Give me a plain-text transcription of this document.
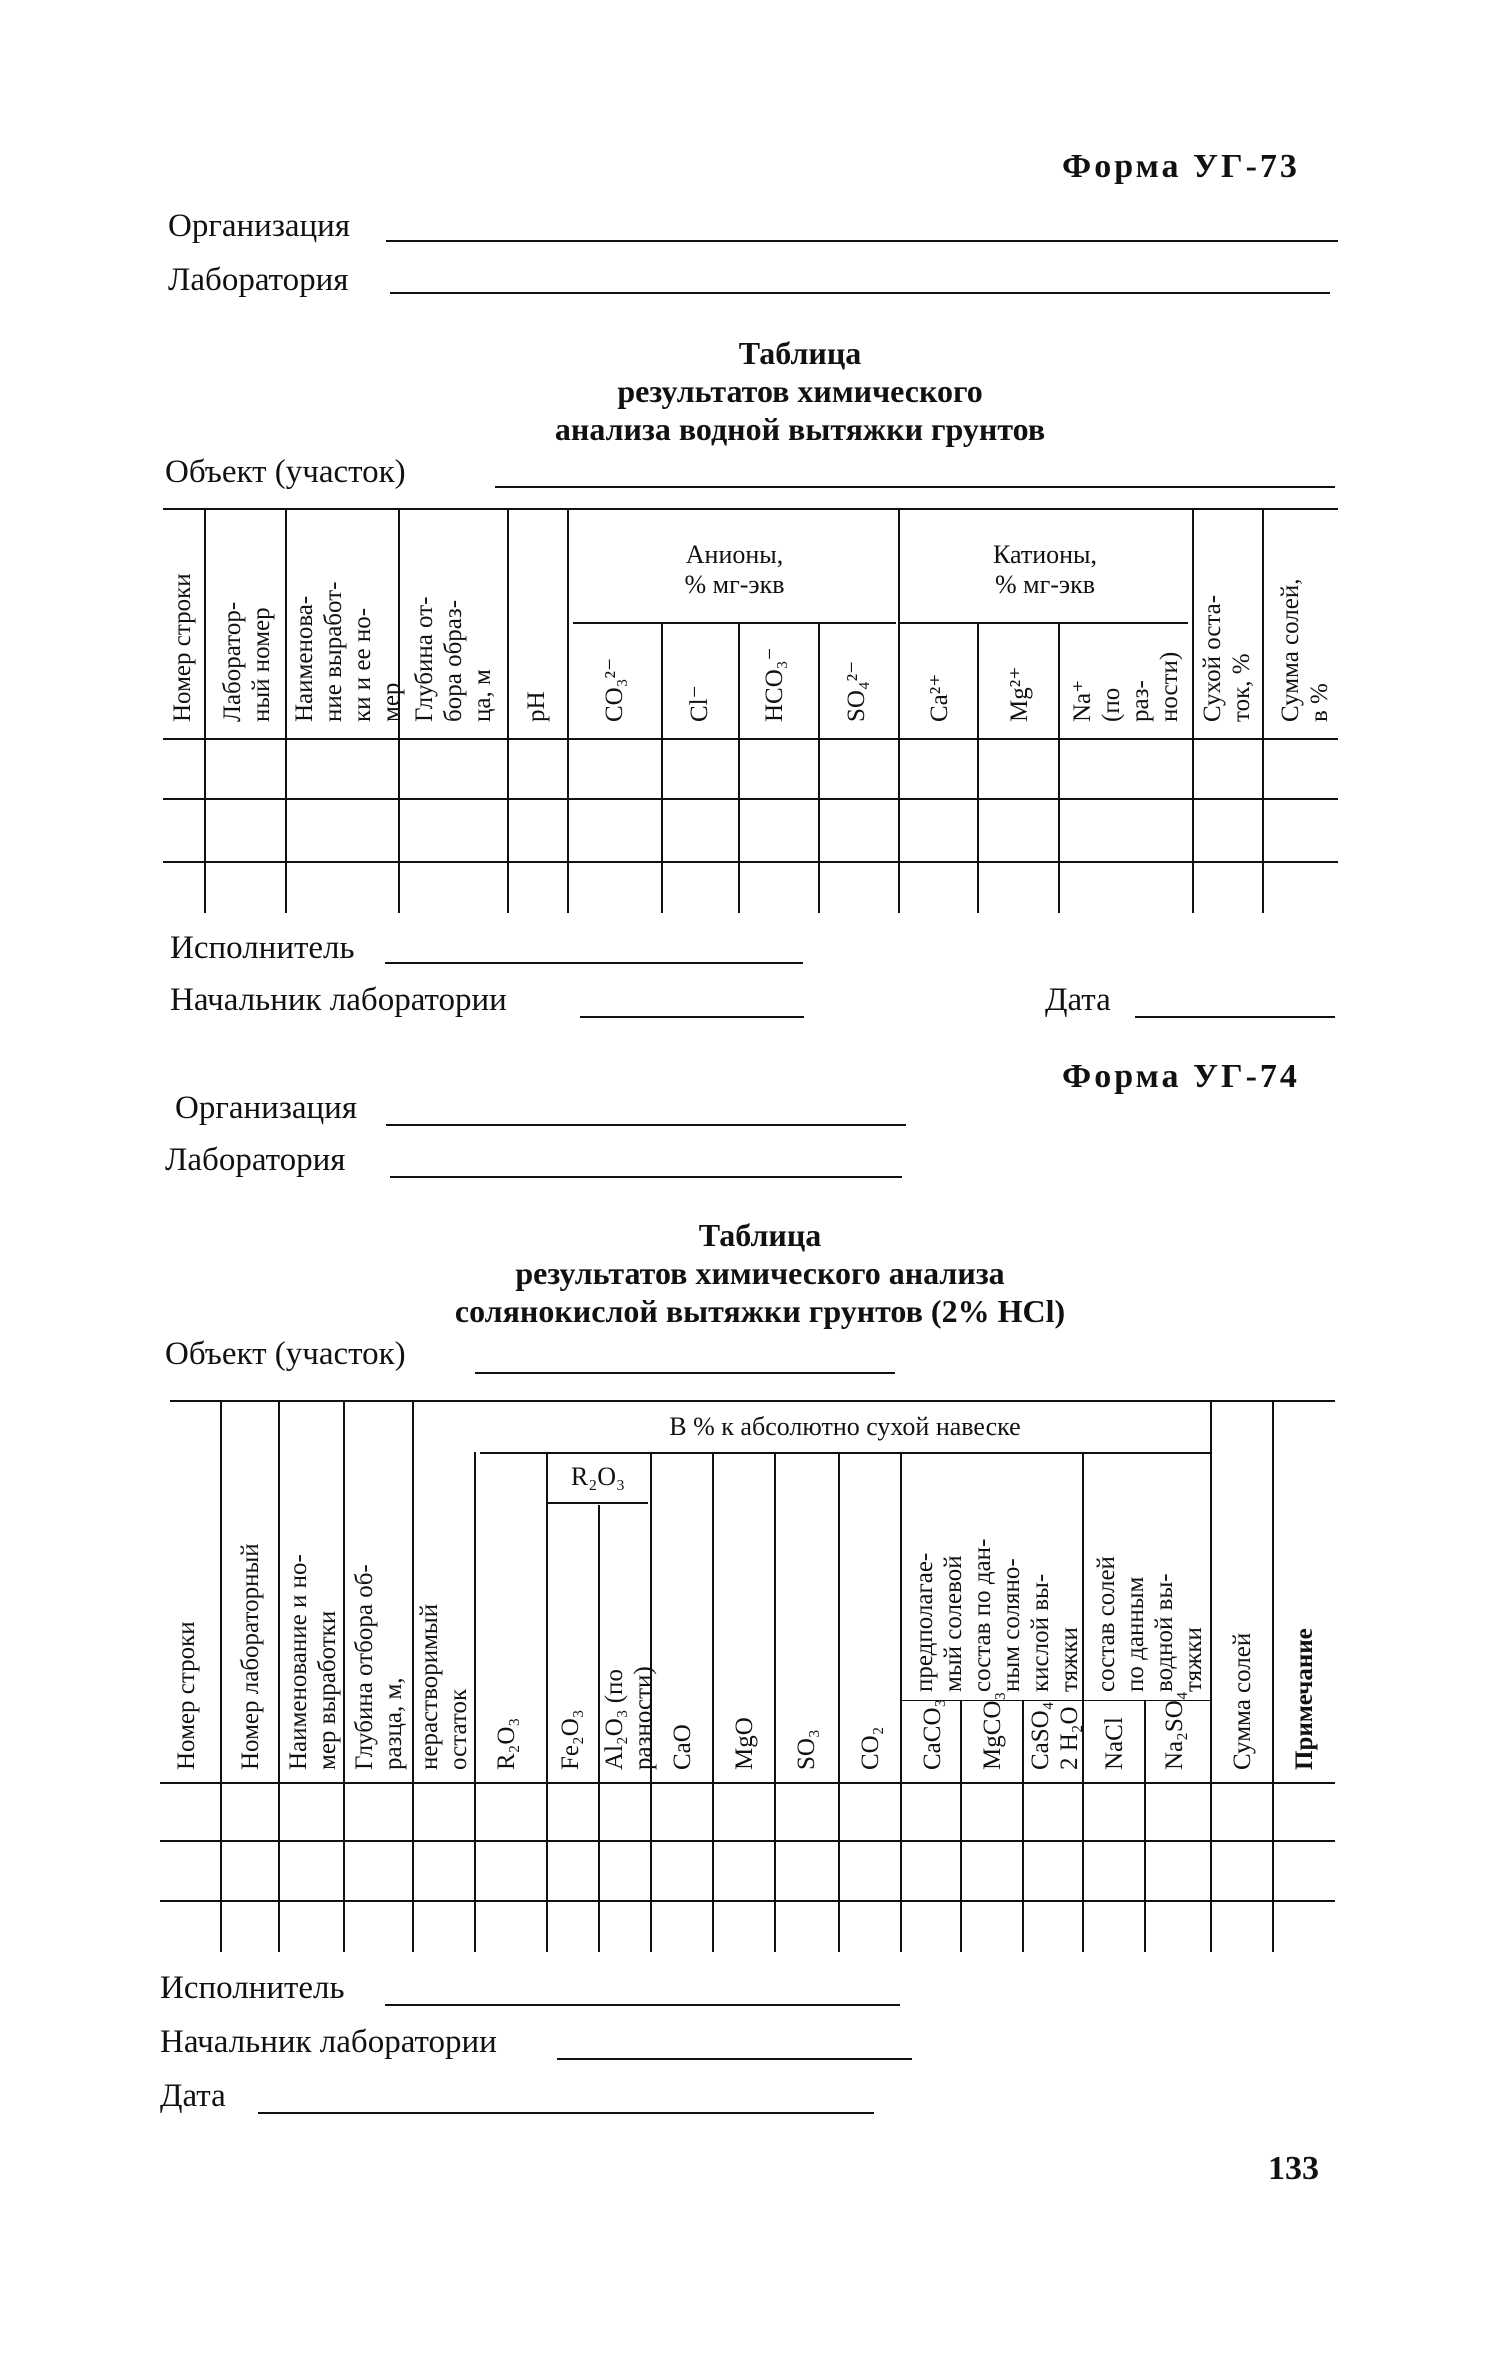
Форма УГ-73
Организация
Лаборатория
Таблица
результатов химического
анализа водной вытяжки грунтов
Объект (участок)
Номер строки Лаборатор-
ный номер Наименова-
ние выработ-
ки и ее но-
мер Глубина от-
бора образ-
ца, м
pH
Анионы,
% мг-экв
CO₃²⁻ Cl⁻ HCO₃⁻ SO₄²⁻
Катионы,
% мг-экв
Ca²⁺ Mg²⁺ Na⁺
(по
раз-
ности) Сухой оста-
ток, % Сумма солей,
в %
Исполнитель
Начальник лаборатории	Дата
Форма УГ-74
Организация
Лаборатория
Таблица
результатов химического анализа
солянокислой вытяжки грунтов (2% HCl)
Объект (участок)
В % к абсолютно сухой навеске
Номер строки Номер лабораторный Наименование и но-
мер выработки
Глубина отбора об-
разца, м, нерастворимый
остаток R₂O₃
R₂O₃
Fe₂O₃ Al₂O₃ (по
разности) CaO MgO SO₃ CO₂
предполагае-
мый солевой
состав по дан-
ным солянo-
кислой вы-
тяжки
CaCO₃ MgCO₃ CaSO₄
2 H₂O
состав солей
по данным
водной вы-
тяжки
NaCl Na₂SO₄ Сумма солей Примечание
Исполнитель
Начальник лаборатории
Дата
133
